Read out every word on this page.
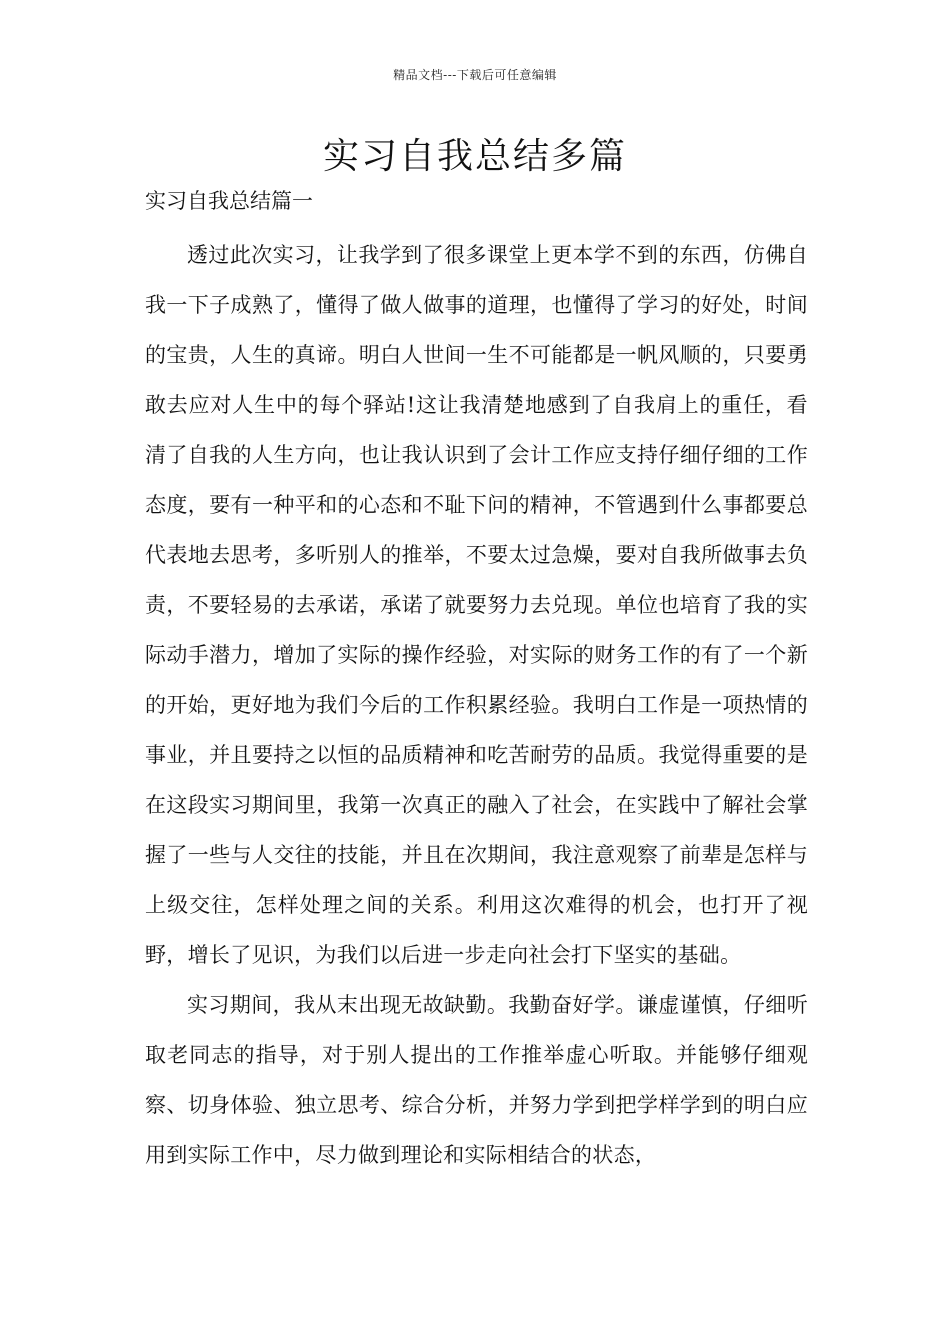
精品文档---下载后可任意编辑
实习自我总结多篇
实习自我总结篇一

透过此次实习，让我学到了很多课堂上更本学不到的东西，仿佛自我一下子成熟了，懂得了做人做事的道理，也懂得了学习的好处，时间的宝贵，人生的真谛。明白人世间一生不可能都是一帆风顺的，只要勇敢去应对人生中的每个驿站!这让我清楚地感到了自我肩上的重任，看清了自我的人生方向，也让我认识到了会计工作应支持仔细仔细的工作态度，要有一种平和的心态和不耻下问的精神，不管遇到什么事都要总代表地去思考，多听别人的推举，不要太过急燥，要对自我所做事去负责，不要轻易的去承诺，承诺了就要努力去兑现。单位也培育了我的实际动手潜力，增加了实际的操作经验，对实际的财务工作的有了一个新的开始，更好地为我们今后的工作积累经验。我明白工作是一项热情的事业，并且要持之以恒的品质精神和吃苦耐劳的品质。我觉得重要的是在这段实习期间里，我第一次真正的融入了社会，在实践中了解社会掌握了一些与人交往的技能，并且在次期间，我注意观察了前辈是怎样与上级交往，怎样处理之间的关系。利用这次难得的机会，也打开了视野，增长了见识，为我们以后进一步走向社会打下坚实的基础。

实习期间，我从末出现无故缺勤。我勤奋好学。谦虚谨慎，仔细听取老同志的指导，对于别人提出的工作推举虚心听取。并能够仔细观察、切身体验、独立思考、综合分析，并努力学到把学样学到的明白应用到实际工作中，尽力做到理论和实际相结合的状态，
